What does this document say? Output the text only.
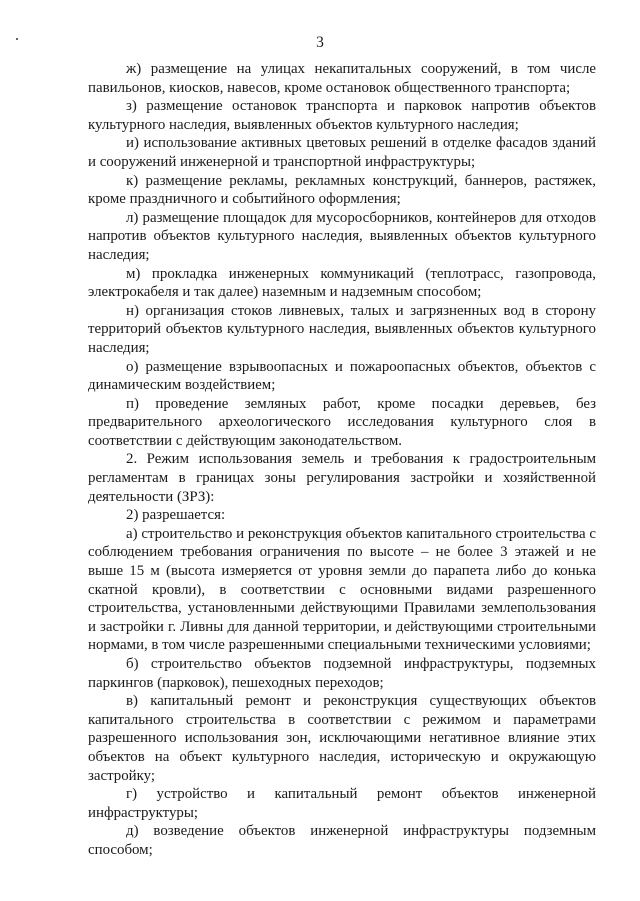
3

ж) размещение на улицах некапитальных сооружений, в том числе павильонов, киосков, навесов, кроме остановок общественного транспорта;

з) размещение остановок транспорта и парковок напротив объектов культурного наследия, выявленных объектов культурного наследия;

и) использование активных цветовых решений в отделке фасадов зданий и сооружений инженерной и транспортной инфраструктуры;

к) размещение рекламы, рекламных конструкций, баннеров, растяжек, кроме праздничного и событийного оформления;

л) размещение площадок для мусоросборников, контейнеров для отходов напротив объектов культурного наследия, выявленных объектов культурного наследия;

м) прокладка инженерных коммуникаций (теплотрасс, газопровода, электрокабеля и так далее) наземным и надземным способом;

н) организация стоков ливневых, талых и загрязненных вод в сторону территорий объектов культурного наследия, выявленных объектов культурного наследия;

о) размещение взрывоопасных и пожароопасных объектов, объектов с динамическим воздействием;

п) проведение земляных работ, кроме посадки деревьев, без предварительного археологического исследования культурного слоя в соответствии с действующим законодательством.

2. Режим использования земель и требования к градостроительным регламентам в границах зоны регулирования застройки и хозяйственной деятельности (ЗРЗ):

2) разрешается:

а) строительство и реконструкция объектов капитального строительства с соблюдением требования ограничения по высоте – не более 3 этажей и не выше 15 м (высота измеряется от уровня земли до парапета либо до конька скатной кровли), в соответствии с основными видами разрешенного строительства, установленными действующими Правилами землепользования и застройки г. Ливны для данной территории, и действующими строительными нормами, в том числе разрешенными специальными техническими условиями;

б) строительство объектов подземной инфраструктуры, подземных паркингов (парковок), пешеходных переходов;

в) капитальный ремонт и реконструкция существующих объектов капитального строительства в соответствии с режимом и параметрами разрешенного использования зон, исключающими негативное влияние этих объектов на объект культурного наследия, историческую и окружающую застройку;

г) устройство и капитальный ремонт объектов инженерной инфраструктуры;

д) возведение объектов инженерной инфраструктуры подземным способом;
